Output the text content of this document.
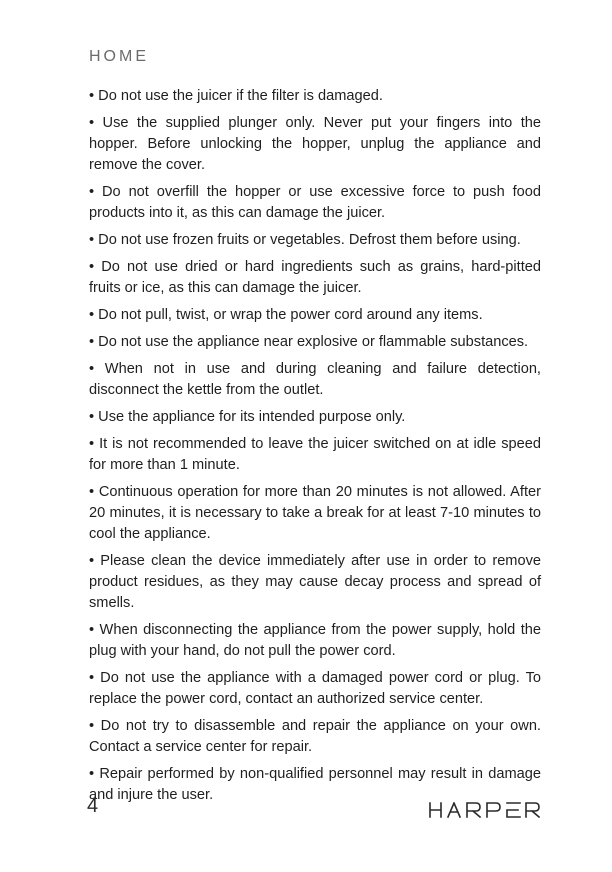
HOME

• Do not use the juicer if the filter is damaged.

• Use the supplied plunger only. Never put your fingers into the hopper. Before unlocking the hopper, unplug the appliance and remove the cover.

• Do not overfill the hopper or use excessive force to push food products into it, as this can damage the juicer.

• Do not use frozen fruits or vegetables. Defrost them before using.

• Do not use dried or hard ingredients such as grains, hard-pitted fruits or ice, as this can damage the juicer.

• Do not pull, twist, or wrap the power cord around any items.

• Do not use the appliance near explosive or flammable substances.

• When not in use and during cleaning and failure detection, disconnect the kettle from the outlet.

• Use the appliance for its intended purpose only.

• It is not recommended to leave the juicer switched on at idle speed for more than 1 minute.

• Continuous operation for more than 20 minutes is not allowed. After 20 minutes, it is necessary to take a break for at least 7-10 minutes to cool the appliance.

• Please clean the device immediately after use in order to remove product residues, as they may cause decay process and spread of smells.

• When disconnecting the appliance from the power supply, hold the plug with your hand, do not pull the power cord.

• Do not use the appliance with a damaged power cord or plug. To replace the power cord, contact an authorized service center.

• Do not try to disassemble and repair the appliance on your own. Contact a service center for repair.

• Repair performed by non-qualified personnel may result in damage and injure the user.

4
